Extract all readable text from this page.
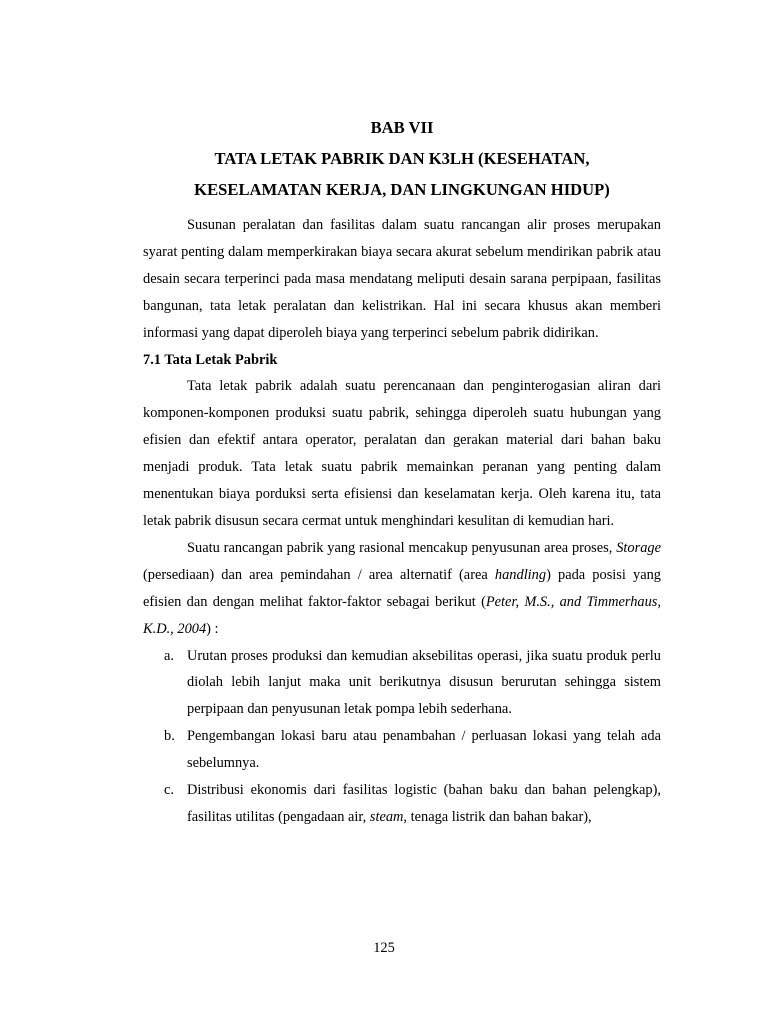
BAB VII

TATA LETAK PABRIK DAN K3LH (KESEHATAN,

KESELAMATAN KERJA, DAN LINGKUNGAN HIDUP)

Susunan peralatan dan fasilitas dalam suatu rancangan alir proses merupakan syarat penting dalam memperkirakan biaya secara akurat sebelum mendirikan pabrik atau desain secara terperinci pada masa mendatang meliputi desain sarana perpipaan, fasilitas bangunan, tata letak peralatan dan kelistrikan. Hal ini secara khusus akan memberi informasi yang dapat diperoleh biaya yang terperinci sebelum pabrik didirikan.

7.1 Tata Letak Pabrik

Tata letak pabrik adalah suatu perencanaan dan penginterogasian aliran dari komponen-komponen produksi suatu pabrik, sehingga diperoleh suatu hubungan yang efisien dan efektif antara operator, peralatan dan gerakan material dari bahan baku menjadi produk. Tata letak suatu pabrik memainkan peranan yang penting dalam menentukan biaya porduksi serta efisiensi dan keselamatan kerja. Oleh karena itu, tata letak pabrik disusun secara cermat untuk menghindari kesulitan di kemudian hari.

Suatu rancangan pabrik yang rasional mencakup penyusunan area proses, Storage (persediaan) dan area pemindahan / area alternatif (area handling) pada posisi yang efisien dan dengan melihat faktor-faktor sebagai berikut (Peter, M.S., and Timmerhaus, K.D., 2004) :

a. Urutan proses produksi dan kemudian aksebilitas operasi, jika suatu produk perlu diolah lebih lanjut maka unit berikutnya disusun berurutan sehingga sistem perpipaan dan penyusunan letak pompa lebih sederhana.
b. Pengembangan lokasi baru atau penambahan / perluasan lokasi yang telah ada sebelumnya.
c. Distribusi ekonomis dari fasilitas logistic (bahan baku dan bahan pelengkap), fasilitas utilitas (pengadaan air, steam, tenaga listrik dan bahan bakar),
125
